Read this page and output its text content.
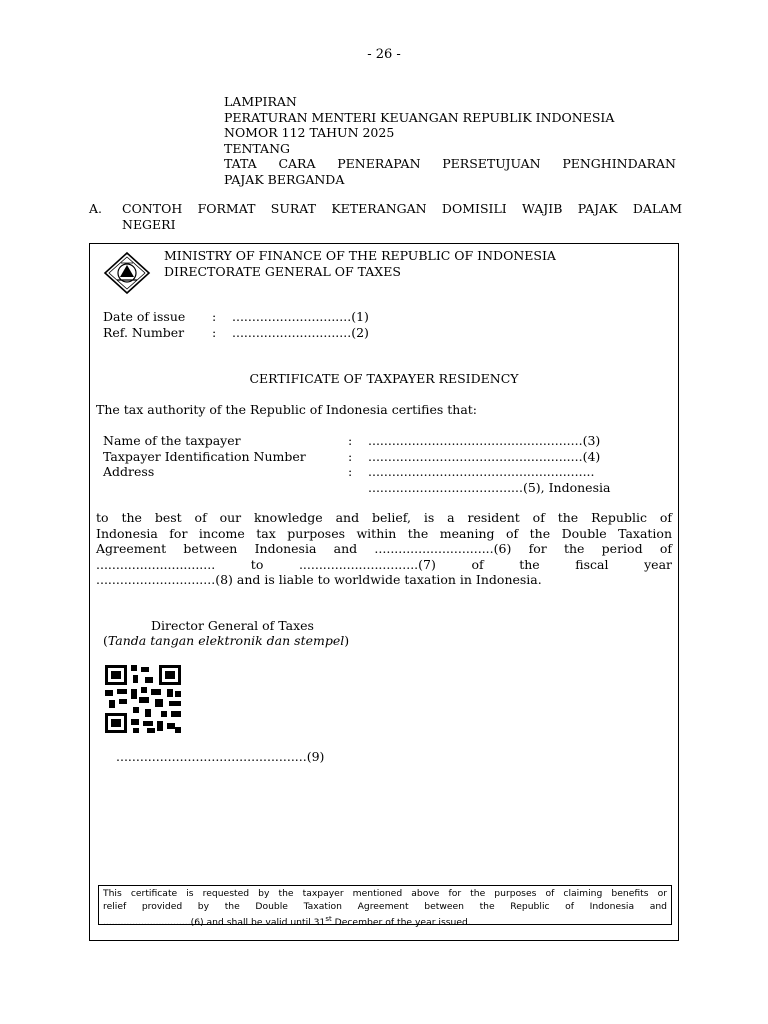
- 26 -
LAMPIRAN
PERATURAN MENTERI KEUANGAN REPUBLIK INDONESIA
NOMOR 112 TAHUN 2025
TENTANG
TATA CARA PENERAPAN PERSETUJUAN PENGHINDARAN
PAJAK BERGANDA
A. CONTOH FORMAT SURAT KETERANGAN DOMISILI WAJIB PAJAK DALAM
NEGERI
MINISTRY OF FINANCE OF THE REPUBLIC OF INDONESIA
DIRECTORATE GENERAL OF TAXES
Date of issue : ..............................(1)
Ref. Number : ..............................(2)
CERTIFICATE OF TAXPAYER RESIDENCY
The tax authority of the Republic of Indonesia certifies that:
Name of the taxpayer	: ......................................................(3)
Taxpayer Identification Number	: ......................................................(4)
Address	: .........................................................
.......................................(5), Indonesia
to the best of our knowledge and belief, is a resident of the Republic of
Indonesia for income tax purposes within the meaning of the Double Taxation
Agreement between Indonesia and ..............................(6) for the period of
.............................. to ..............................(7) of the fiscal year
..............................(8) and is liable to worldwide taxation in Indonesia.
Director General of Taxes
(Tanda tangan elektronik dan stempel)
................................................(9)
This certificate is requested by the taxpayer mentioned above for the purposes of claiming benefits or
relief provided by the Double Taxation Agreement between the Republic of Indonesia and
..............................(6) and shall be valid until 31st December of the year issued.
